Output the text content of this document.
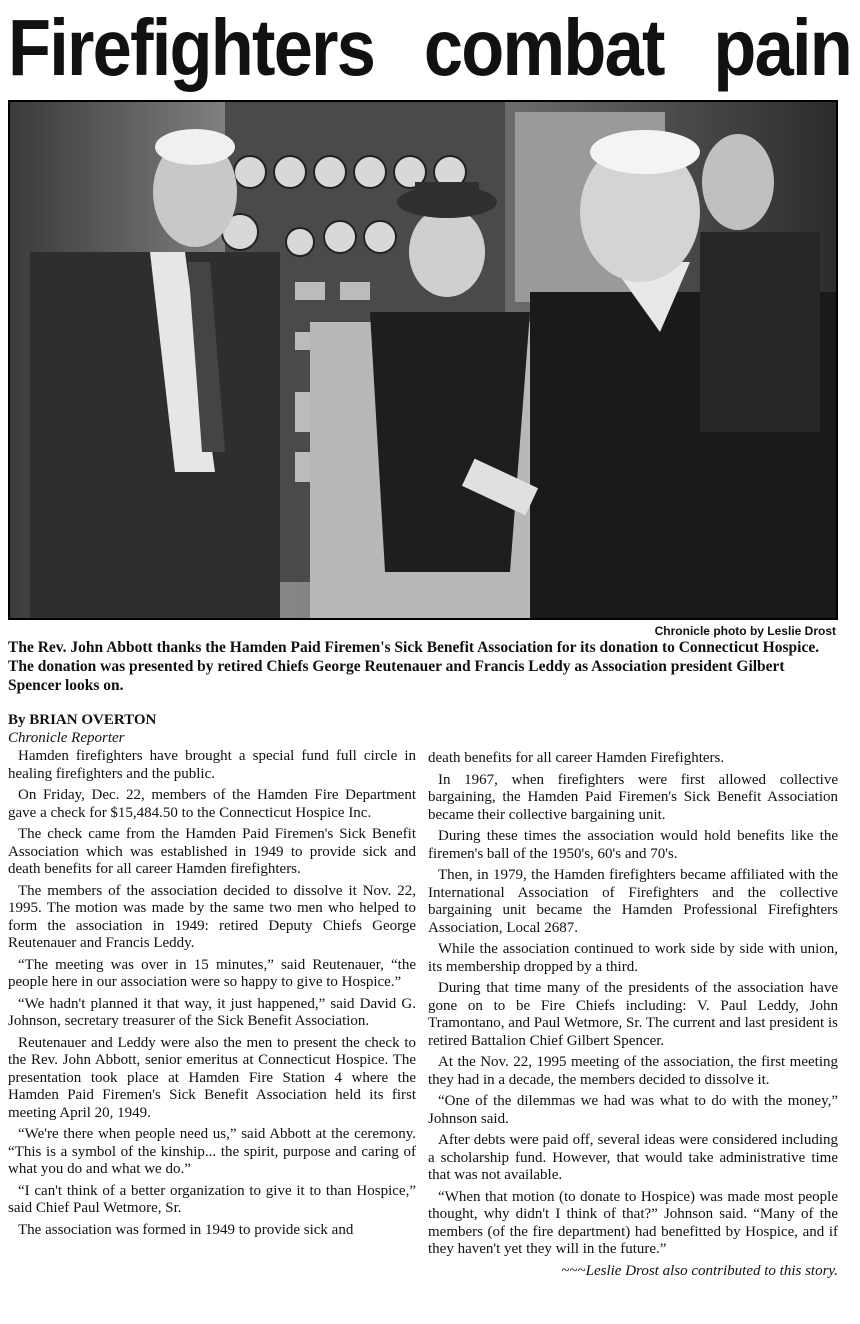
Firefighters combat pain
Chronicle photo by Leslie Drost
The Rev. John Abbott thanks the Hamden Paid Firemen's Sick Benefit Association for its donation to Connecticut Hospice. The donation was presented by retired Chiefs George Reutenauer and Francis Leddy as Association president Gilbert Spencer looks on.
By BRIAN OVERTON
Chronicle Reporter

Hamden firefighters have brought a special fund full circle in healing firefighters and the public.

On Friday, Dec. 22, members of the Hamden Fire Department gave a check for $15,484.50 to the Connecticut Hospice Inc.

The check came from the Hamden Paid Firemen's Sick Benefit Association which was established in 1949 to provide sick and death benefits for all career Hamden firefighters.

The members of the association decided to dissolve it Nov. 22, 1995. The motion was made by the same two men who helped to form the association in 1949: retired Deputy Chiefs George Reutenauer and Francis Leddy.

“The meeting was over in 15 minutes,” said Reutenauer, “the people here in our association were so happy to give to Hospice.”

“We hadn't planned it that way, it just happened,” said David G. Johnson, secretary treasurer of the Sick Benefit Association.

Reutenauer and Leddy were also the men to present the check to the Rev. John Abbott, senior emeritus at Connecticut Hospice. The presentation took place at Hamden Fire Station 4 where the Hamden Paid Firemen's Sick Benefit Association held its first meeting April 20, 1949.

“We're there when people need us,” said Abbott at the ceremony. “This is a symbol of the kinship... the spirit, purpose and caring of what you do and what we do.”

“I can't think of a better organization to give it to than Hospice,” said Chief Paul Wetmore, Sr.

The association was formed in 1949 to provide sick and

death benefits for all career Hamden Firefighters.

In 1967, when firefighters were first allowed collective bargaining, the Hamden Paid Firemen's Sick Benefit Association became their collective bargaining unit.

During these times the association would hold benefits like the firemen's ball of the 1950's, 60's and 70's.

Then, in 1979, the Hamden firefighters became affiliated with the International Association of Firefighters and the collective bargaining unit became the Hamden Professional Firefighters Association, Local 2687.

While the association continued to work side by side with union, its membership dropped by a third.

During that time many of the presidents of the association have gone on to be Fire Chiefs including: V. Paul Leddy, John Tramontano, and Paul Wetmore, Sr. The current and last president is retired Battalion Chief Gilbert Spencer.

At the Nov. 22, 1995 meeting of the association, the first meeting they had in a decade, the members decided to dissolve it.

“One of the dilemmas we had was what to do with the money,” Johnson said.

After debts were paid off, several ideas were considered including a scholarship fund. However, that would take administrative time that was not available.

“When that motion (to donate to Hospice) was made most people thought, why didn't I think of that?” Johnson said. “Many of the members (of the fire department) had benefitted by Hospice, and if they haven't yet they will in the future.”

~~~Leslie Drost also contributed to this story.
